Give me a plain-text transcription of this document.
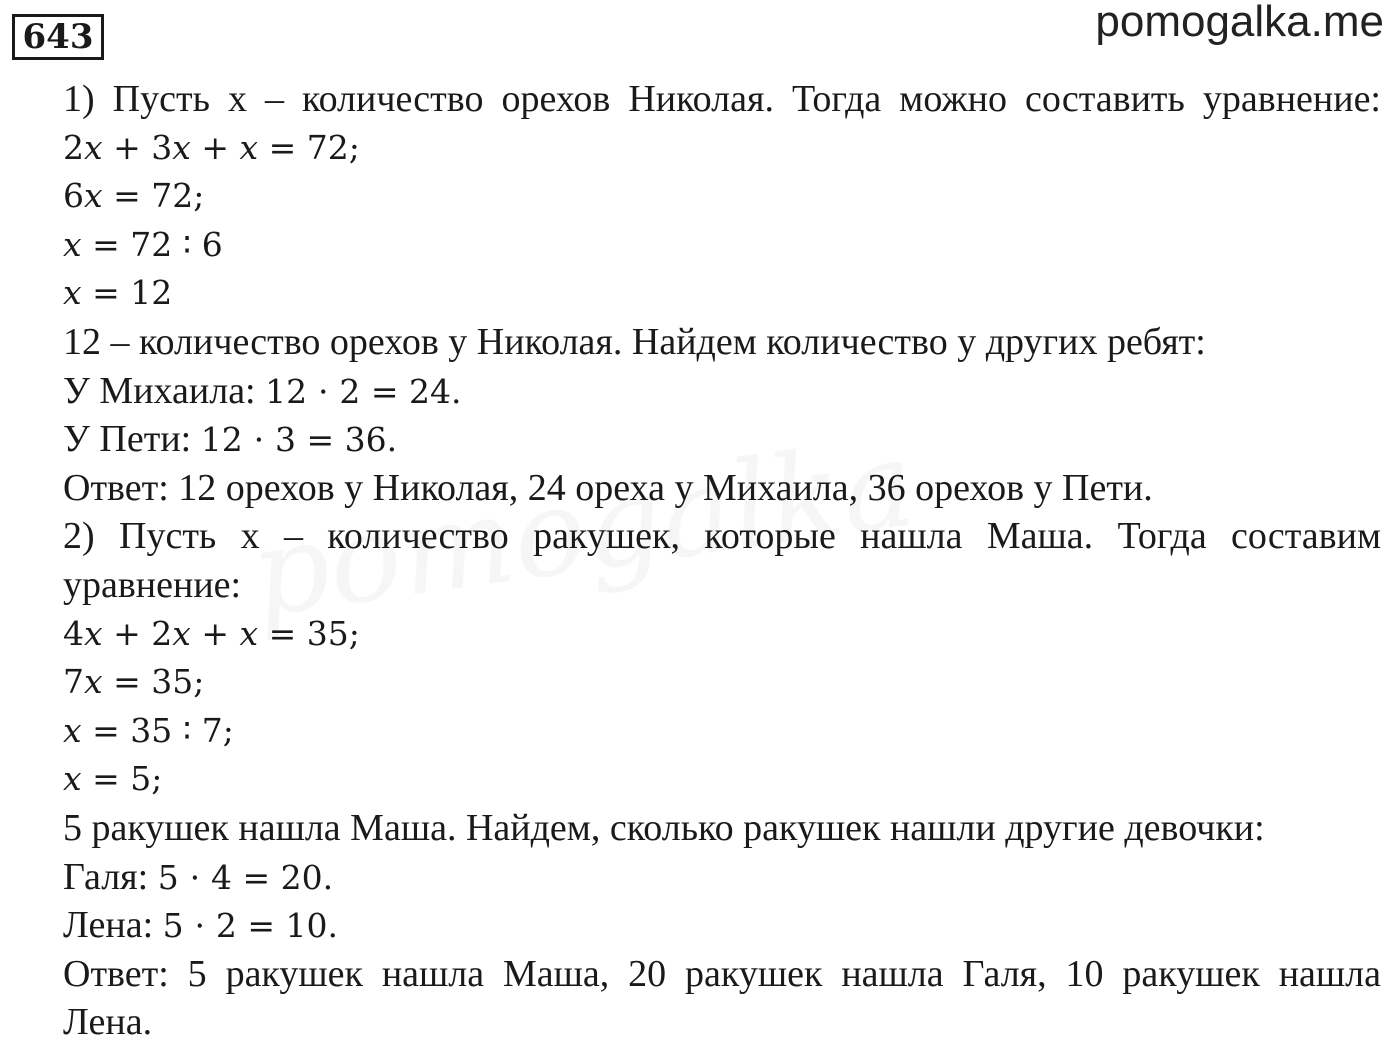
643	pomogalka.me
1) Пусть х – количество орехов Николая. Тогда можно составить уравнение:
2𝑥 + 3𝑥 + 𝑥 = 72;
6𝑥 = 72;
𝑥 = 72 ∶ 6
𝑥 = 12
12 – количество орехов у Николая. Найдем количество у других ребят:
У Михаила: 12 ⋅ 2 = 24.
У Пети: 12 ⋅ 3 = 36.
Ответ: 12 орехов у Николая, 24 ореха у Михаила, 36 орехов у Пети.
2) Пусть х – количество ракушек, которые нашла Маша. Тогда составим
уравнение:
4𝑥 + 2𝑥 + 𝑥 = 35;
7𝑥 = 35;
𝑥 = 35 ∶ 7;
𝑥 = 5;
5 ракушек нашла Маша. Найдем, сколько ракушек нашли другие девочки:
Галя: 5 ⋅ 4 = 20.
Лена: 5 ⋅ 2 = 10.
Ответ: 5 ракушек нашла Маша, 20 ракушек нашла Галя, 10 ракушек нашла
Лена.
